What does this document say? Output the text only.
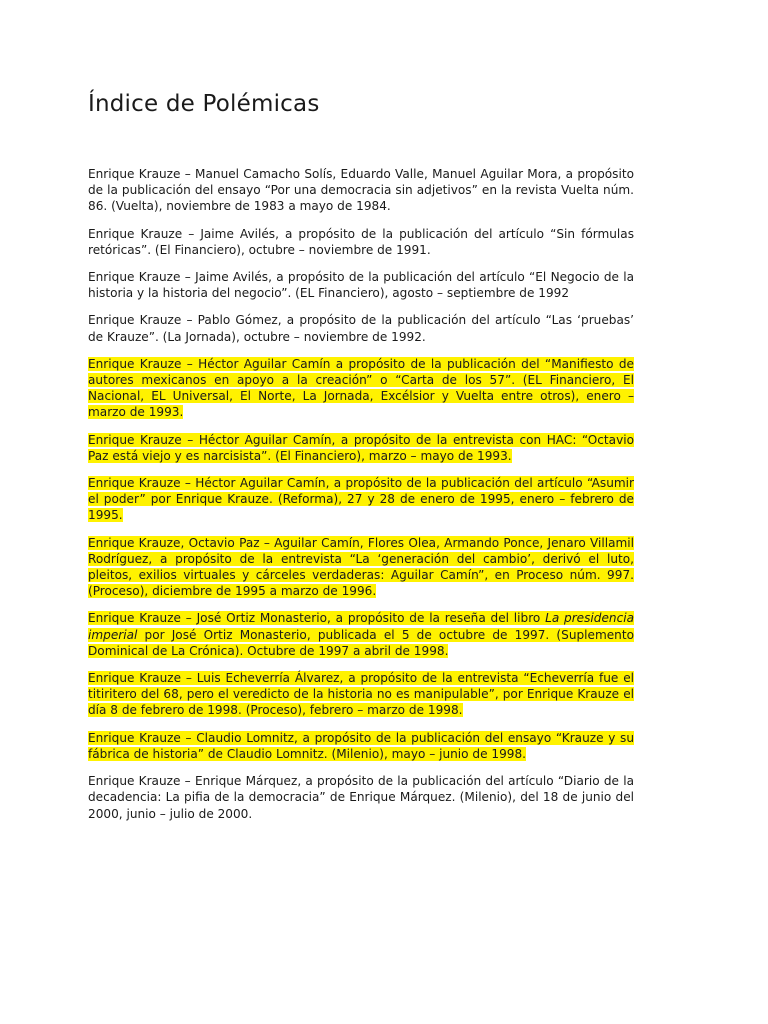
Índice de Polémicas

Enrique Krauze – Manuel Camacho Solís, Eduardo Valle, Manuel Aguilar Mora, a propósito de la publicación del ensayo “Por una democracia sin adjetivos” en la revista Vuelta núm. 86. (Vuelta), noviembre de 1983 a mayo de 1984.

Enrique Krauze – Jaime Avilés, a propósito de la publicación del artículo “Sin fórmulas retóricas”. (El Financiero), octubre – noviembre de 1991.

Enrique Krauze – Jaime Avilés, a propósito de la publicación del artículo “El Negocio de la historia y la historia del negocio”. (EL Financiero), agosto – septiembre de 1992

Enrique Krauze – Pablo Gómez, a propósito de la publicación del artículo “Las ‘pruebas’ de Krauze”. (La Jornada), octubre – noviembre de 1992.

Enrique Krauze – Héctor Aguilar Camín a propósito de la publicación del “Manifiesto de autores mexicanos en apoyo a la creación” o “Carta de los 57”. (EL Financiero, El Nacional, EL Universal, El Norte, La Jornada, Excélsior y Vuelta entre otros), enero – marzo de 1993.

Enrique Krauze – Héctor Aguilar Camín, a propósito de la entrevista con HAC: “Octavio Paz está viejo y es narcisista”. (El Financiero), marzo – mayo de 1993.

Enrique Krauze – Héctor Aguilar Camín, a propósito de la publicación del artículo “Asumir el poder” por Enrique Krauze. (Reforma), 27 y 28 de enero de 1995, enero – febrero de 1995.

Enrique Krauze, Octavio Paz – Aguilar Camín, Flores Olea, Armando Ponce, Jenaro Villamil Rodríguez, a propósito de la entrevista “La ‘generación del cambio’, derivó el luto, pleitos, exilios virtuales y cárceles verdaderas: Aguilar Camín”, en Proceso núm. 997. (Proceso), diciembre de 1995 a marzo de 1996.

Enrique Krauze – José Ortiz Monasterio, a propósito de la reseña del libro La presidencia imperial por José Ortiz Monasterio, publicada el 5 de octubre de 1997. (Suplemento Dominical de La Crónica). Octubre de 1997 a abril de 1998.

Enrique Krauze – Luis Echeverría Álvarez, a propósito de la entrevista “Echeverría fue el titiritero del 68, pero el veredicto de la historia no es manipulable”, por Enrique Krauze el día 8 de febrero de 1998. (Proceso), febrero – marzo de 1998.

Enrique Krauze – Claudio Lomnitz, a propósito de la publicación del ensayo “Krauze y su fábrica de historia” de Claudio Lomnitz. (Milenio), mayo – junio de 1998.

Enrique Krauze – Enrique Márquez, a propósito de la publicación del artículo “Diario de la decadencia: La pifia de la democracia” de Enrique Márquez. (Milenio), del 18 de junio del 2000, junio – julio de 2000.
